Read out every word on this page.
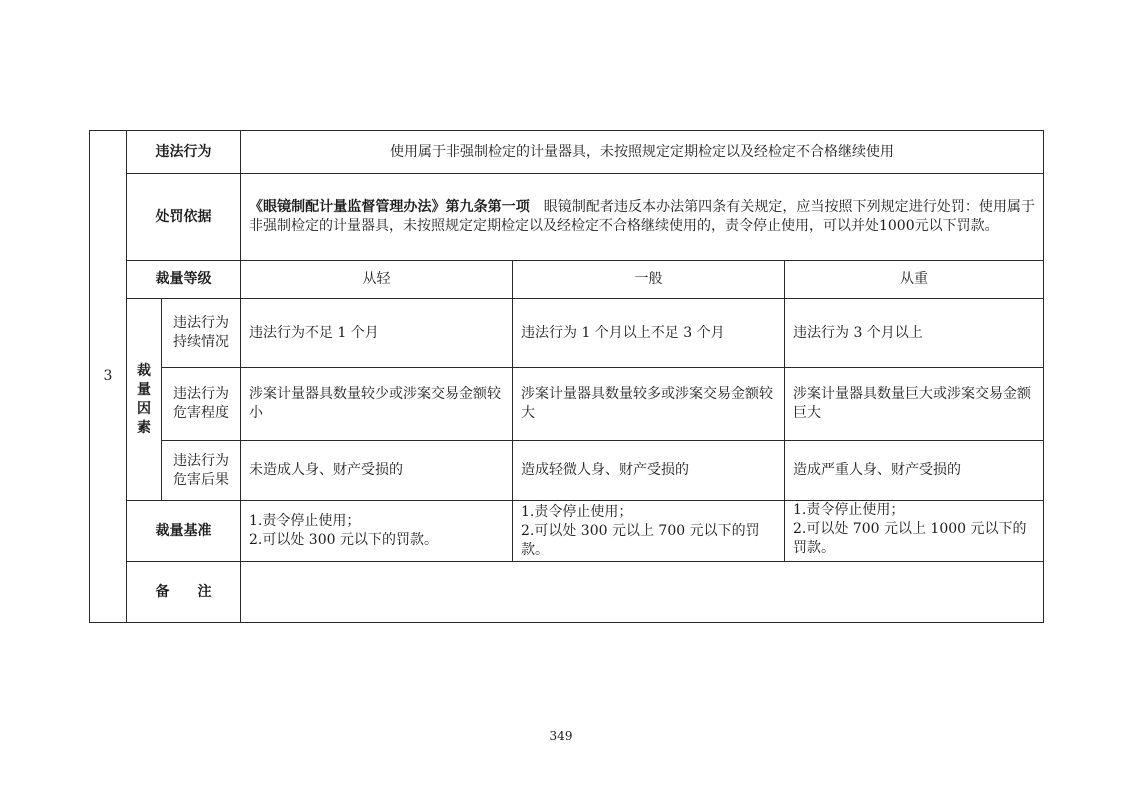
3	违法行为		使用属于非强制检定的计量器具，未按照规定定期检定以及经检定不合格继续使用		
	处罚依据		《眼镜制配计量监督管理办法》第九条第一项  眼镜制配者违反本办法第四条有关规定，应当按照下列规定进行处罚：使用属于非强制检定的计量器具，未按照规定定期检定以及经检定不合格继续使用的，责令停止使用，可以并处1000元以下罚款。		
	裁量等级		从轻	一般	从重
	裁
量
因
素	违法行为
持续情况	违法行为不足 1 个月	违法行为 1 个月以上不足 3 个月	违法行为 3 个月以上
		违法行为
危害程度	涉案计量器具数量较少或涉案交易金额较小	涉案计量器具数量较多或涉案交易金额较大	涉案计量器具数量巨大或涉案交易金额巨大
		违法行为
危害后果	未造成人身、财产受损的	造成轻微人身、财产受损的	造成严重人身、财产受损的
	裁量基准		1.责令停止使用；
2.可以处 300 元以下的罚款。	1.责令停止使用；
2.可以处 300 元以上 700 元以下的罚款。	1.责令停止使用；
2.可以处 700 元以上 1000 元以下的罚款。
	备注				
349
